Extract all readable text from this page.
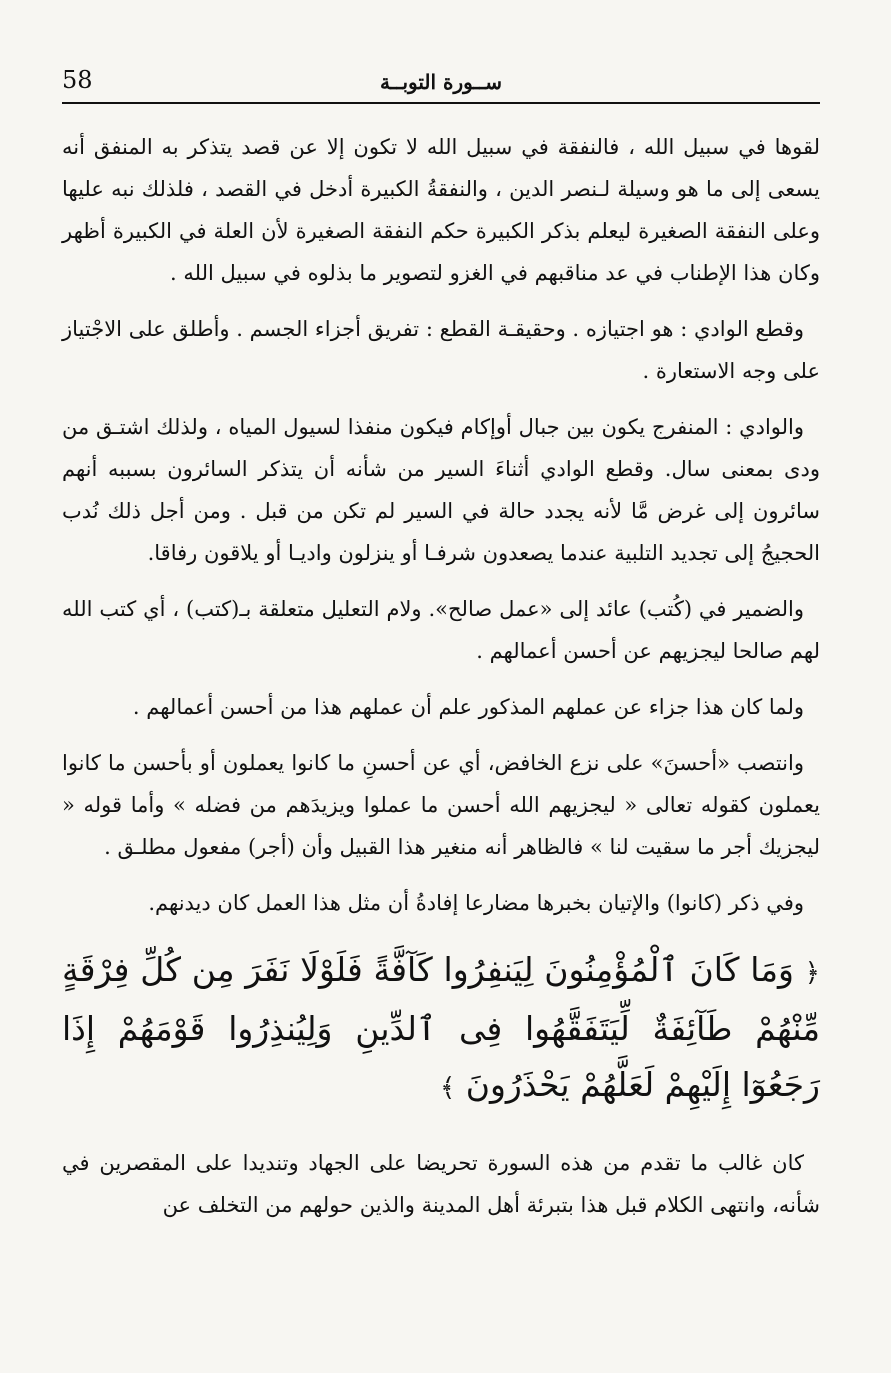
58	ســورة التوبــة

لقوها في سبيل الله ، فالنفقة في سبيل الله لا تكون إلا عن قصد يتذكر به المنفق أنه يسعى إلى ما هو وسيلة لـنصر الدين ، والنفقةُ الكبيرة أدخل في القصد ، فلذلك نبه عليها وعلى النفقة الصغيرة ليعلم بذكر الكبيرة حكم النفقة الصغيرة لأن العلة في الكبيرة أظهر وكان هذا الإطناب في عد مناقبهم في الغزو لتصوير ما بذلوه في سبيل الله .

وقطع الوادي : هو اجتيازه . وحقيقـة القطع : تفريق أجزاء الجسم . وأطلق على الاجْتياز على وجه الاستعارة .

والوادي : المنفرج يكون بين جبال أوإكام فيكون منفذا لسيول المياه ، ولذلك اشتـق من ودى بمعنى سال. وقطع الوادي أثناءَ السير من شأنه أن يتذكر السائرون بسببه أنهم سائرون إلى غرض مَّا لأنه يجدد حالة في السير لم تكن من قبل . ومن أجل ذلك نُدب الحجيجُ إلى تجديد التلبية عندما يصعدون شرفـا أو ينزلون واديـا أو يلاقون رفاقا.

والضمير في (كُتب) عائد إلى «عمل صالح». ولام التعليل متعلقة بـ(كتب) ، أي كتب الله لهم صالحا ليجزيهم عن أحسن أعمالهم .

ولما كان هذا جزاء عن عملهم المذكور علم أن عملهم هذا من أحسن أعمالهم .

وانتصب «أحسنَ» على نزع الخافض، أي عن أحسنِ ما كانوا يعملون أو بأحسن ما كانوا يعملون كقوله تعالى « ليجزيهم الله أحسن ما عملوا ويزيدَهم من فضله » وأما قوله « ليجزيك أجر ما سقيت لنا » فالظاهر أنه منغير هذا القبيل وأن (أجر) مفعول مطلـق .

وفي ذكر (كانوا) والإتيان بخبرها مضارعا إفادةُ أن مثل هذا العمل كان ديدنهم.

﴿ وَمَا كَانَ ٱلْمُؤْمِنُونَ لِيَنفِرُوا كَآفَّةً فَلَوْلَا نَفَرَ مِن كُلِّ فِرْقَةٍ مِّنْهُمْ طَآئِفَةٌ لِّيَتَفَقَّهُوا فِى ٱلدِّينِ وَلِيُنذِرُوا قَوْمَهُمْ إِذَا رَجَعُوٓا إِلَيْهِمْ لَعَلَّهُمْ يَحْذَرُونَ ﴾

كان غالب ما تقدم من هذه السورة تحريضا على الجهاد وتنديدا على المقصرين في شأنه، وانتهى الكلام قبل هذا بتبرئة أهل المدينة والذين حولهم من التخلف عن
